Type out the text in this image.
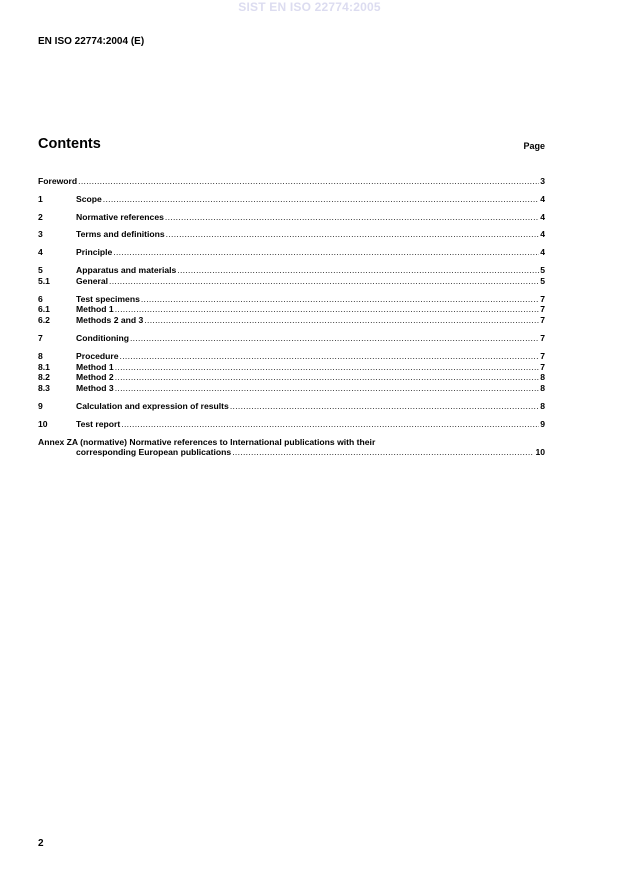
SIST EN ISO 22774:2005
EN ISO 22774:2004 (E)
Contents	Page
Foreword .....	3
1	Scope .....	4
2	Normative references .....	4
3	Terms and definitions .....	4
4	Principle .....	4
5	Apparatus and materials .....	5
5.1	General .....	5
6	Test specimens .....	7
6.1	Method 1 .....	7
6.2	Methods 2 and 3 .....	7
7	Conditioning .....	7
8	Procedure .....	7
8.1	Method 1 .....	7
8.2	Method 2 .....	8
8.3	Method 3 .....	8
9	Calculation and expression of results .....	8
10	Test report .....	9
Annex ZA (normative) Normative references to International publications with their
corresponding European publications .....	10
2
